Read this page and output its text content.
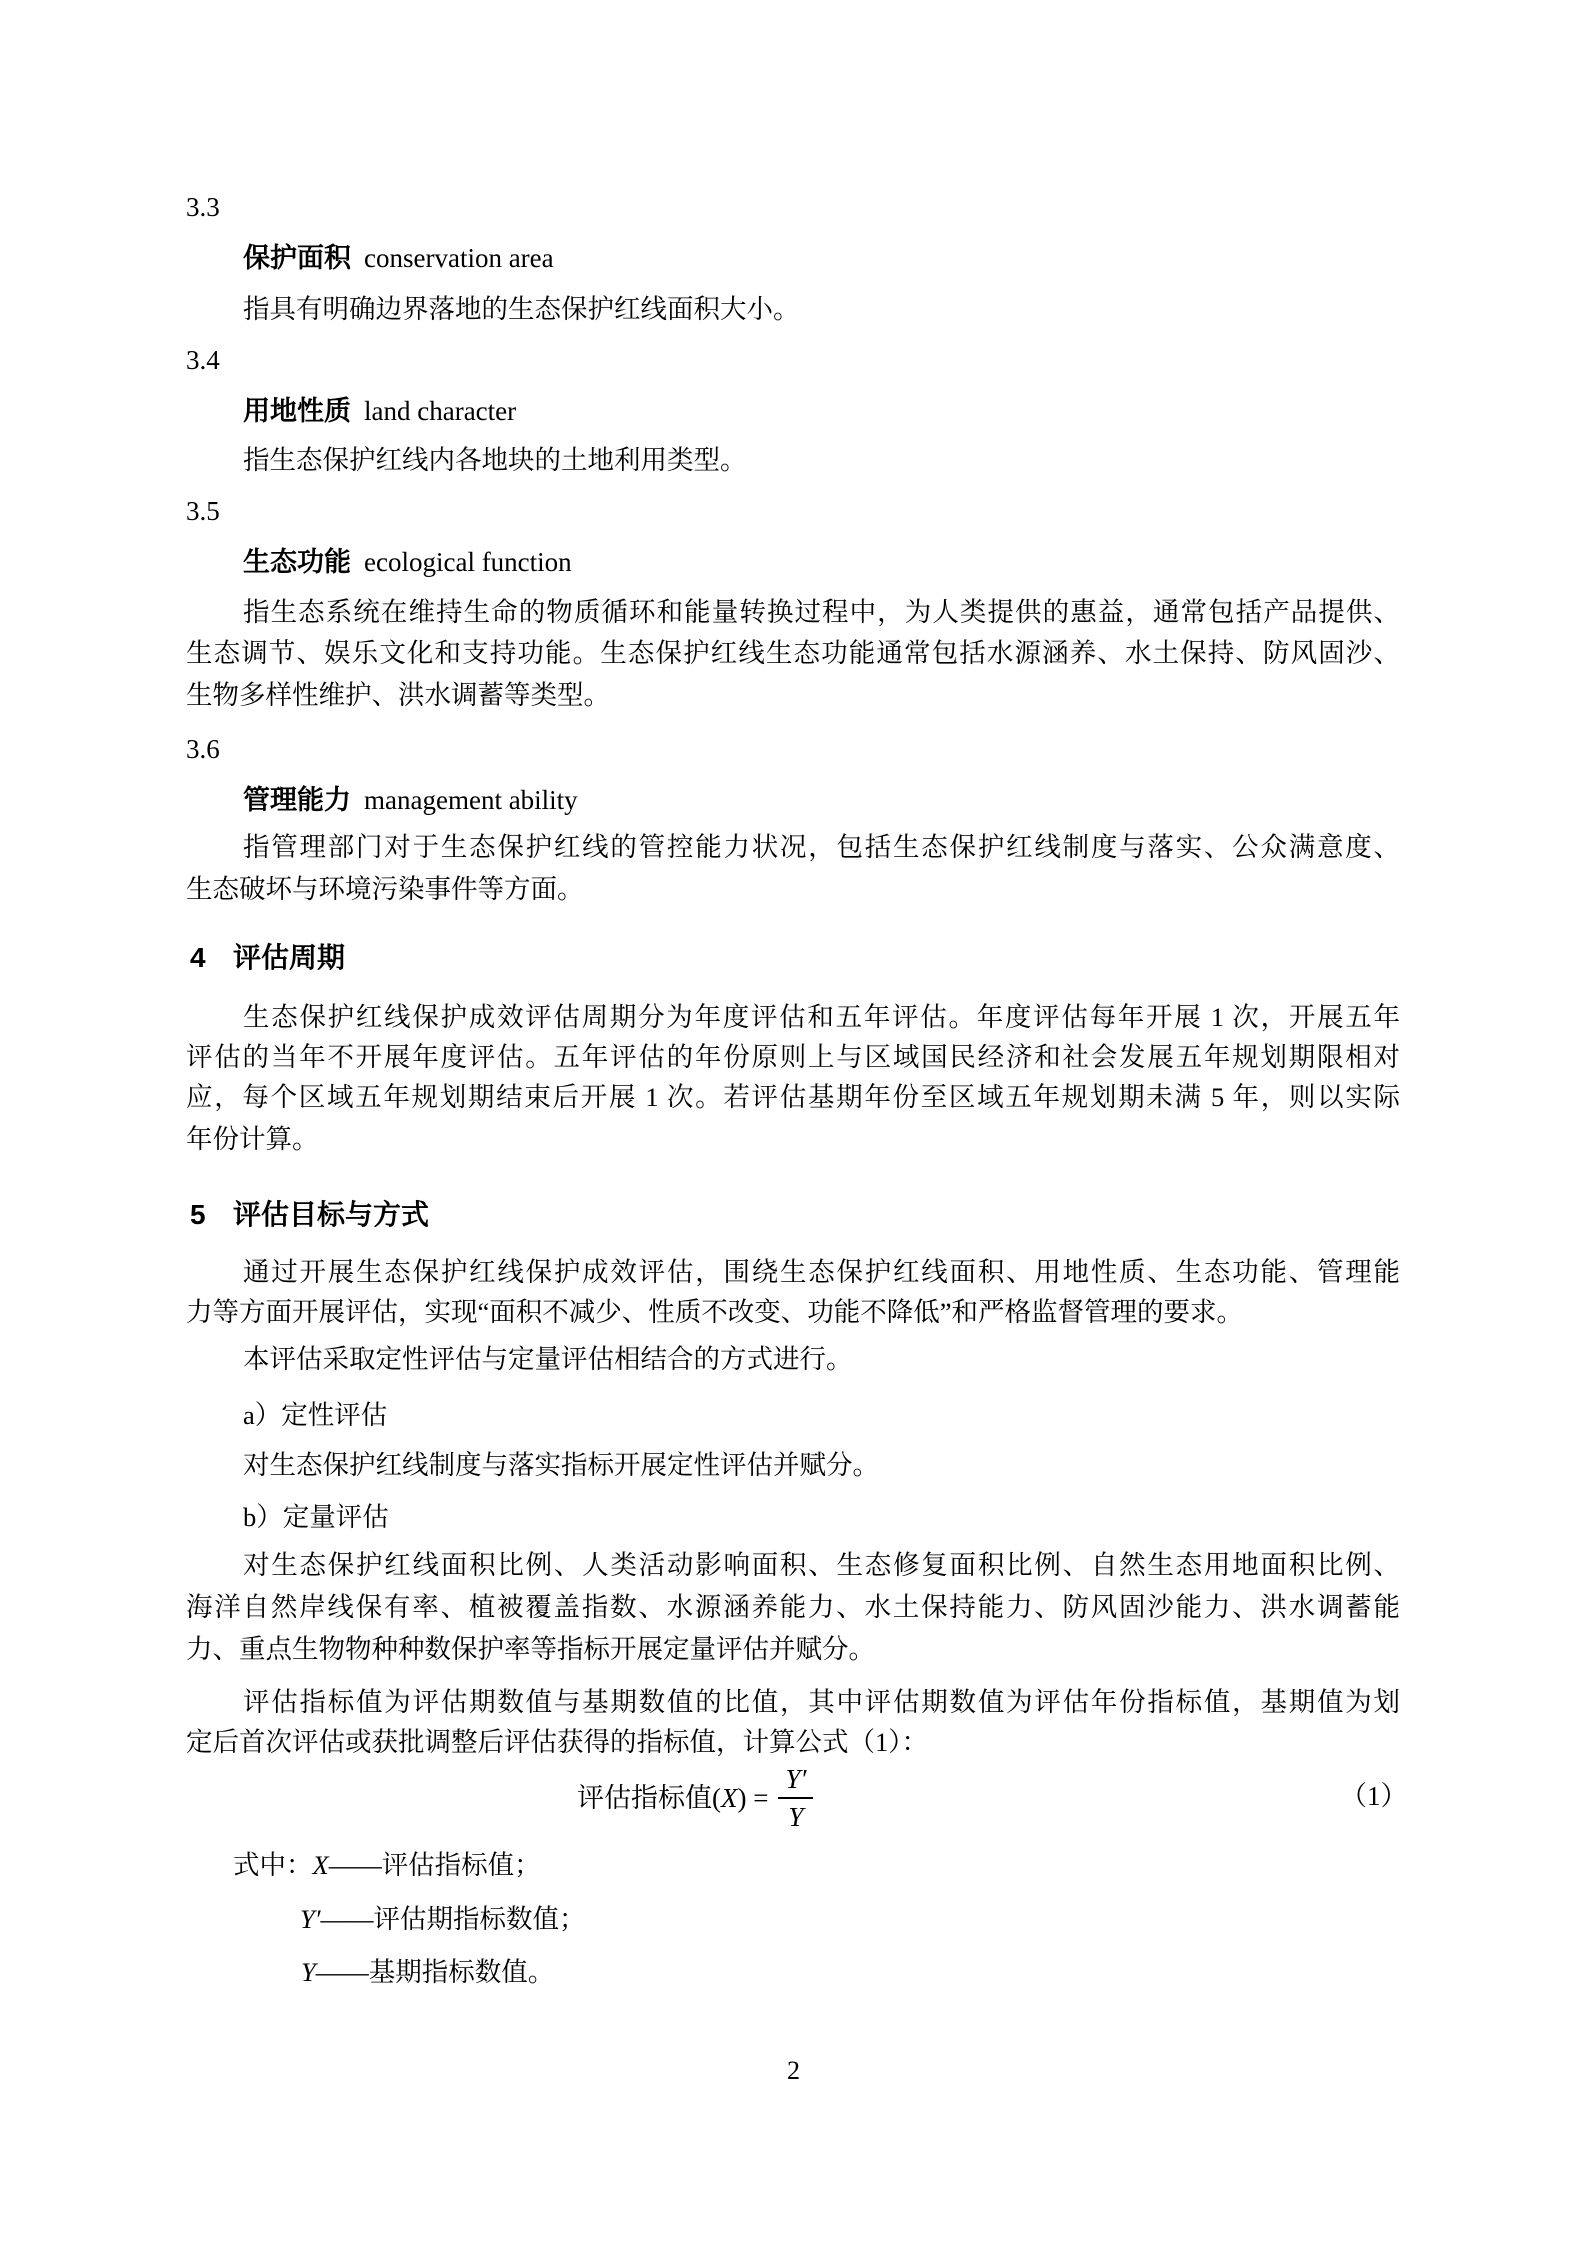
3.3
保护面积 conservation area
指具有明确边界落地的生态保护红线面积大小。
3.4
用地性质 land character
指生态保护红线内各地块的土地利用类型。
3.5
生态功能 ecological function
指生态系统在维持生命的物质循环和能量转换过程中，为人类提供的惠益，通常包括产品提供、
生态调节、娱乐文化和支持功能。生态保护红线生态功能通常包括水源涵养、水土保持、防风固沙、
生物多样性维护、洪水调蓄等类型。
3.6
管理能力 management ability
指管理部门对于生态保护红线的管控能力状况，包括生态保护红线制度与落实、公众满意度、
生态破坏与环境污染事件等方面。
4 评估周期
生态保护红线保护成效评估周期分为年度评估和五年评估。年度评估每年开展 1 次，开展五年
评估的当年不开展年度评估。五年评估的年份原则上与区域国民经济和社会发展五年规划期限相对
应，每个区域五年规划期结束后开展 1 次。若评估基期年份至区域五年规划期未满 5 年，则以实际
年份计算。
5 评估目标与方式
通过开展生态保护红线保护成效评估，围绕生态保护红线面积、用地性质、生态功能、管理能
力等方面开展评估，实现“面积不减少、性质不改变、功能不降低”和严格监督管理的要求。
本评估采取定性评估与定量评估相结合的方式进行。
a）定性评估
对生态保护红线制度与落实指标开展定性评估并赋分。
b）定量评估
对生态保护红线面积比例、人类活动影响面积、生态修复面积比例、自然生态用地面积比例、
海洋自然岸线保有率、植被覆盖指数、水源涵养能力、水土保持能力、防风固沙能力、洪水调蓄能
力、重点生物物种种数保护率等指标开展定量评估并赋分。
评估指标值为评估期数值与基期数值的比值，其中评估期数值为评估年份指标值，基期值为划
定后首次评估或获批调整后评估获得的指标值，计算公式（1）：
评估指标值$(X) = \frac{Y'}{Y}$	（1）
式中：X——评估指标值；
Y′——评估期指标数值；
Y——基期指标数值。
2
